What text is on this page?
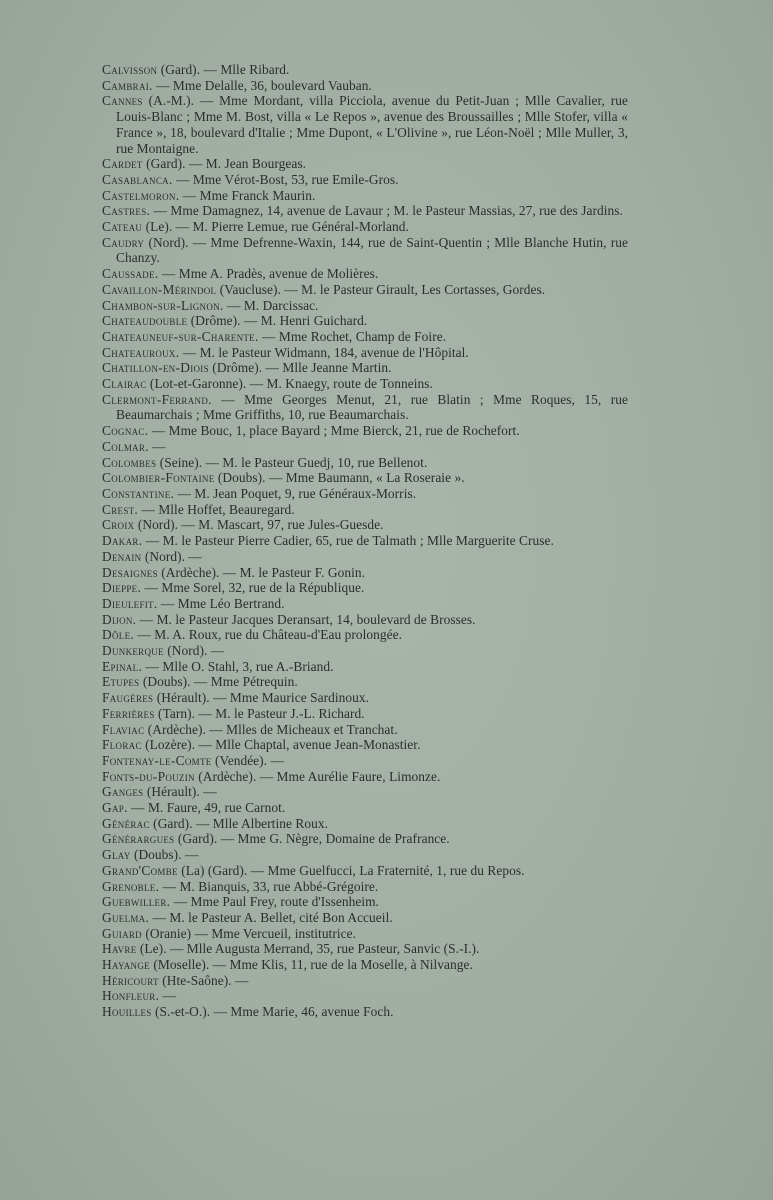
Calvisson (Gard). — Mlle Ribard.

Cambrai. — Mme Delalle, 36, boulevard Vauban.

Cannes (A.-M.). — Mme Mordant, villa Picciola, avenue du Petit-Juan ; Mlle Cavalier, rue Louis-Blanc ; Mme M. Bost, villa « Le Repos », avenue des Broussailles ; Mlle Stofer, villa « France », 18, boulevard d'Italie ; Mme Dupont, « L'Olivine », rue Léon-Noël ; Mlle Muller, 3, rue Montaigne.

Cardet (Gard). — M. Jean Bourgeas.

Casablanca. — Mme Vérot-Bost, 53, rue Emile-Gros.

Castelmoron. — Mme Franck Maurin.

Castres. — Mme Damagnez, 14, avenue de Lavaur ; M. le Pasteur Massias, 27, rue des Jardins.

Cateau (Le). — M. Pierre Lemue, rue Général-Morland.

Caudry (Nord). — Mme Defrenne-Waxin, 144, rue de Saint-Quentin ; Mlle Blanche Hutin, rue Chanzy.

Caussade. — Mme A. Pradès, avenue de Molières.

Cavaillon-Mérindol (Vaucluse). — M. le Pasteur Girault, Les Cortasses, Gordes.

Chambon-sur-Lignon. — M. Darcissac.

Chateaudouble (Drôme). — M. Henri Guichard.

Chateauneuf-sur-Charente. — Mme Rochet, Champ de Foire.

Chateauroux. — M. le Pasteur Widmann, 184, avenue de l'Hôpital.

Chatillon-en-Diois (Drôme). — Mlle Jeanne Martin.

Clairac (Lot-et-Garonne). — M. Knaegy, route de Tonneins.

Clermont-Ferrand. — Mme Georges Menut, 21, rue Blatin ; Mme Roques, 15, rue Beaumarchais ; Mme Griffiths, 10, rue Beaumarchais.

Cognac. — Mme Bouc, 1, place Bayard ; Mme Bierck, 21, rue de Rochefort.

Colmar. —

Colombes (Seine). — M. le Pasteur Guedj, 10, rue Bellenot.

Colombier-Fontaine (Doubs). — Mme Baumann, « La Roseraie ».

Constantine. — M. Jean Poquet, 9, rue Généraux-Morris.

Crest. — Mlle Hoffet, Beauregard.

Croix (Nord). — M. Mascart, 97, rue Jules-Guesde.

Dakar. — M. le Pasteur Pierre Cadier, 65, rue de Talmath ; Mlle Marguerite Cruse.

Denain (Nord). —

Desaignes (Ardèche). — M. le Pasteur F. Gonin.

Dieppe. — Mme Sorel, 32, rue de la République.

Dieulefit. — Mme Léo Bertrand.

Dijon. — M. le Pasteur Jacques Deransart, 14, boulevard de Brosses.

Dôle. — M. A. Roux, rue du Château-d'Eau prolongée.

Dunkerque (Nord). —

Epinal. — Mlle O. Stahl, 3, rue A.-Briand.

Etupes (Doubs). — Mme Pétrequin.

Faugères (Hérault). — Mme Maurice Sardinoux.

Ferrières (Tarn). — M. le Pasteur J.-L. Richard.

Flaviac (Ardèche). — Mlles de Micheaux et Tranchat.

Florac (Lozère). — Mlle Chaptal, avenue Jean-Monastier.

Fontenay-le-Comte (Vendée). —

Fonts-du-Pouzin (Ardèche). — Mme Aurélie Faure, Limonze.

Ganges (Hérault). —

Gap. — M. Faure, 49, rue Carnot.

Générac (Gard). — Mlle Albertine Roux.

Générargues (Gard). — Mme G. Nègre, Domaine de Prafrance.

Glay (Doubs). —

Grand'Combe (La) (Gard). — Mme Guelfucci, La Fraternité, 1, rue du Repos.

Grenoble. — M. Bianquis, 33, rue Abbé-Grégoire.

Guebwiller. — Mme Paul Frey, route d'Issenheim.

Guelma. — M. le Pasteur A. Bellet, cité Bon Accueil.

Guiard (Oranie) — Mme Vercueil, institutrice.

Havre (Le). — Mlle Augusta Merrand, 35, rue Pasteur, Sanvic (S.-I.).

Hayange (Moselle). — Mme Klis, 11, rue de la Moselle, à Nilvange.

Héricourt (Hte-Saône). —

Honfleur. —

Houilles (S.-et-O.). — Mme Marie, 46, avenue Foch.
